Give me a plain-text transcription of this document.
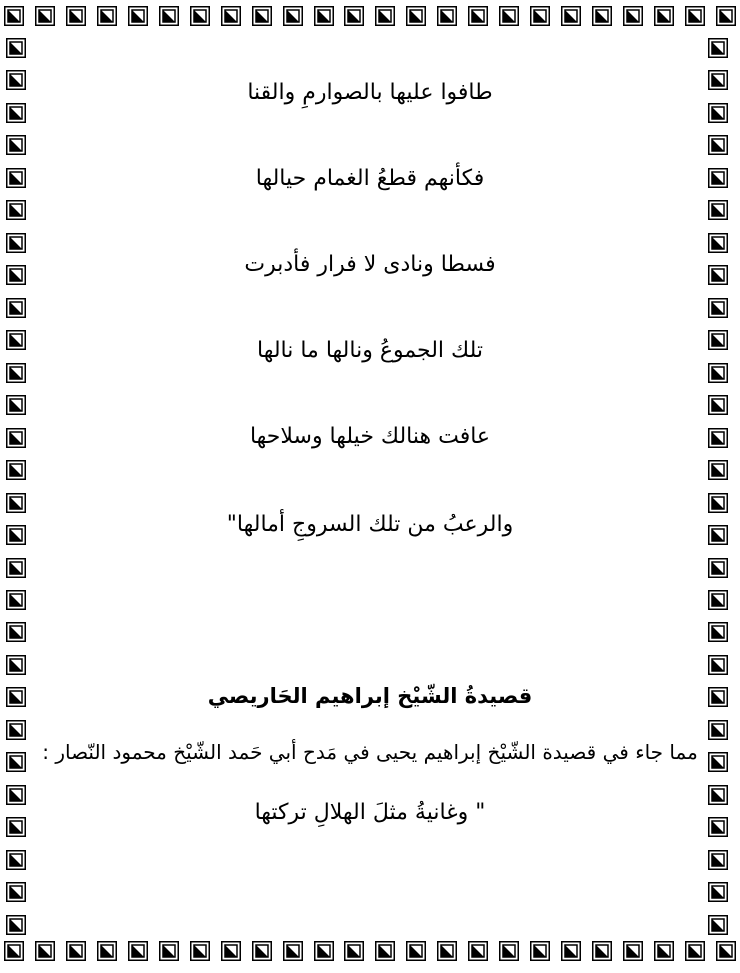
طافوا عليها بالصوارمِ والقنا
فكأنهم قطعُ الغمام حيالها
فسطا ونادى لا فرار فأدبرت
تلك الجموعُ ونالها ما نالها
عافت هنالك خيلها وسلاحها
والرعبُ من تلك السروجِ أمالها"
قصيدةُ الشّيْخ إبراهيم الحَاريصي
مما جاء في قصيدة الشّيْخ إبراهيم يحيى في مَدح أبي حَمد الشّيْخ محمود النّصار :
" وغانيةُ مثلَ الهلالِ تركتها
